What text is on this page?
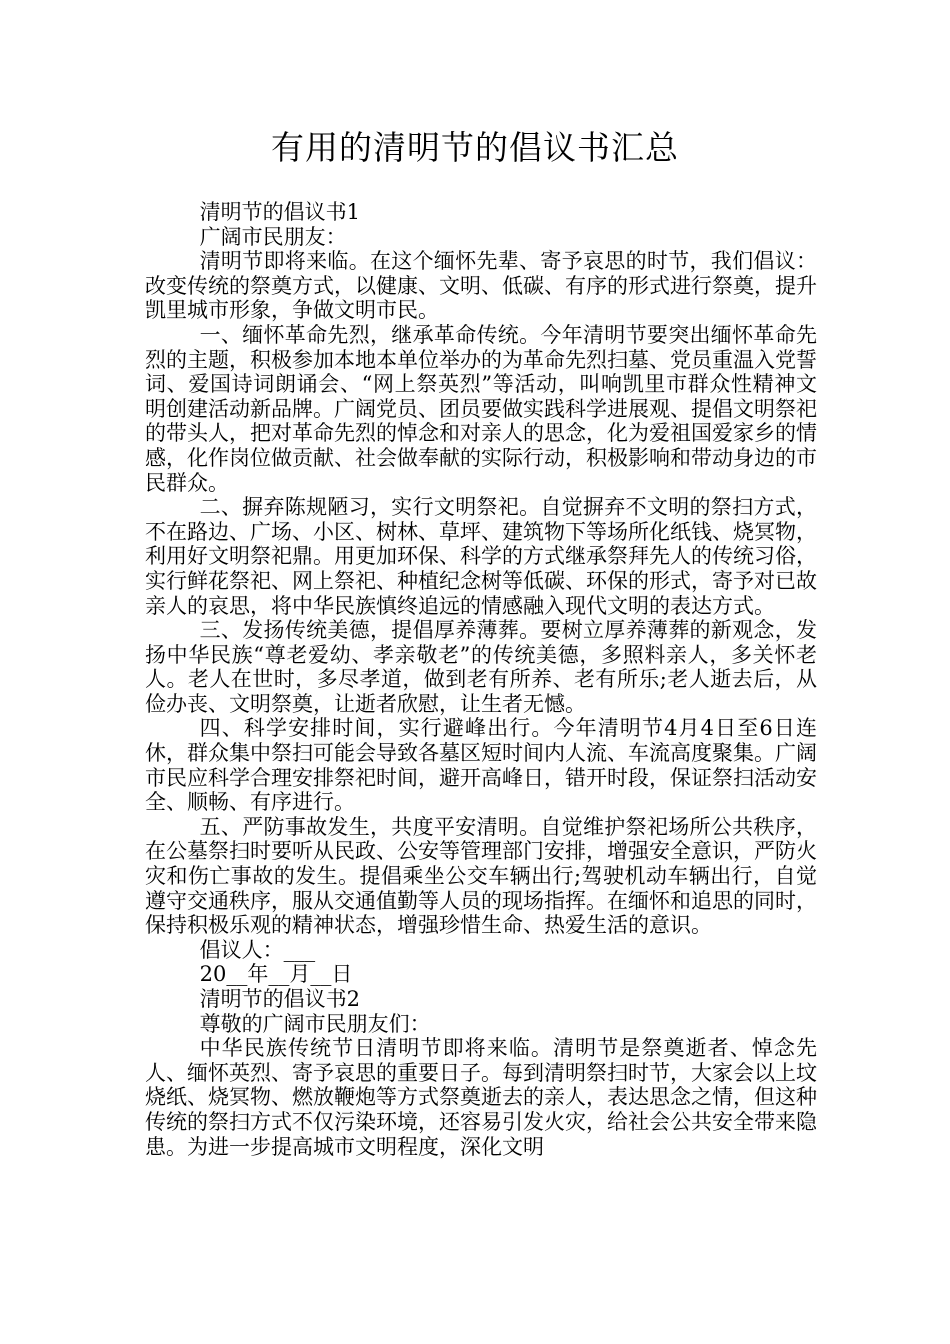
有用的清明节的倡议书汇总

清明节的倡议书1

广阔市民朋友：

清明节即将来临。在这个缅怀先辈、寄予哀思的时节，我们倡议：改变传统的祭奠方式，以健康、文明、低碳、有序的形式进行祭奠，提升凯里城市形象，争做文明市民。

一、缅怀革命先烈，继承革命传统。今年清明节要突出缅怀革命先烈的主题，积极参加本地本单位举办的为革命先烈扫墓、党员重温入党誓词、爱国诗词朗诵会、“网上祭英烈”等活动，叫响凯里市群众性精神文明创建活动新品牌。广阔党员、团员要做实践科学进展观、提倡文明祭祀的带头人，把对革命先烈的悼念和对亲人的思念，化为爱祖国爱家乡的情感，化作岗位做贡献、社会做奉献的实际行动，积极影响和带动身边的市民群众。

二、摒弃陈规陋习，实行文明祭祀。自觉摒弃不文明的祭扫方式，不在路边、广场、小区、树林、草坪、建筑物下等场所化纸钱、烧冥物，利用好文明祭祀鼎。用更加环保、科学的方式继承祭拜先人的传统习俗，实行鲜花祭祀、网上祭祀、种植纪念树等低碳、环保的形式，寄予对已故亲人的哀思，将中华民族慎终追远的情感融入现代文明的表达方式。

三、发扬传统美德，提倡厚养薄葬。要树立厚养薄葬的新观念，发扬中华民族“尊老爱幼、孝亲敬老”的传统美德，多照料亲人，多关怀老人。老人在世时，多尽孝道，做到老有所养、老有所乐;老人逝去后，从俭办丧、文明祭奠，让逝者欣慰，让生者无憾。

四、科学安排时间，实行避峰出行。今年清明节4月4日至6日连休，群众集中祭扫可能会导致各墓区短时间内人流、车流高度聚集。广阔市民应科学合理安排祭祀时间，避开高峰日，错开时段，保证祭扫活动安全、顺畅、有序进行。

五、严防事故发生，共度平安清明。自觉维护祭祀场所公共秩序，在公墓祭扫时要听从民政、公安等管理部门安排，增强安全意识，严防火灾和伤亡事故的发生。提倡乘坐公交车辆出行;驾驶机动车辆出行，自觉遵守交通秩序，服从交通值勤等人员的现场指挥。在缅怀和追思的同时，保持积极乐观的精神状态，增强珍惜生命、热爱生活的意识。

倡议人：___

20__年__月__日

清明节的倡议书2

尊敬的广阔市民朋友们：

中华民族传统节日清明节即将来临。清明节是祭奠逝者、悼念先人、缅怀英烈、寄予哀思的重要日子。每到清明祭扫时节，大家会以上坟烧纸、烧冥物、燃放鞭炮等方式祭奠逝去的亲人，表达思念之情，但这种传统的祭扫方式不仅污染环境，还容易引发火灾，给社会公共安全带来隐患。为进一步提高城市文明程度，深化文明
